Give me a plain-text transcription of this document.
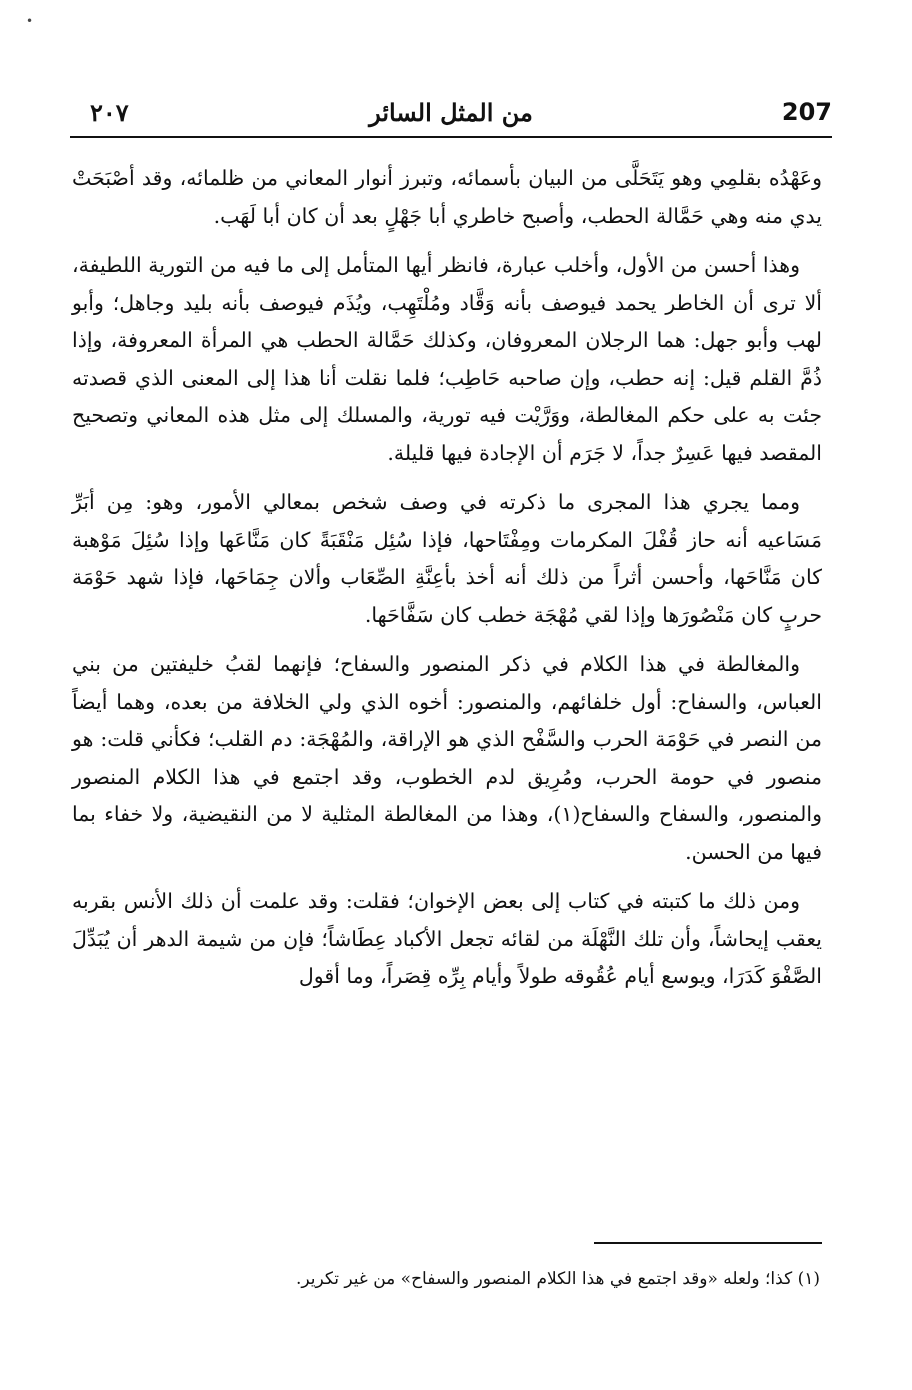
•
207
من المثل السائر
٢٠٧

وعَهْدُه بقلمِي وهو يَتَحَلَّى من البيان بأسمائه، وتبرز أنوار المعاني من ظلمائه، وقد أصْبَحَتْ يدي منه وهي حَمَّالة الحطب، وأصبح خاطري أبا جَهْلٍ بعد أن كان أبا لَهَب.

وهذا أحسن من الأول، وأخلب عبارة، فانظر أيها المتأمل إلى ما فيه من التورية اللطيفة، ألا ترى أن الخاطر يحمد فيوصف بأنه وَقَّاد ومُلْتَهِب، ويُذَم فيوصف بأنه بليد وجاهل؛ وأبو لهب وأبو جهل: هما الرجلان المعروفان، وكذلك حَمَّالة الحطب هي المرأة المعروفة، وإذا ذُمَّ القلم قيل: إنه حطب، وإن صاحبه حَاطِب؛ فلما نقلت أنا هذا إلى المعنى الذي قصدته جئت به على حكم المغالطة، ووَرَّيْت فيه تورية، والمسلك إلى مثل هذه المعاني وتصحيح المقصد فيها عَسِرٌ جداً، لا جَرَم أن الإجادة فيها قليلة.

ومما يجري هذا المجرى ما ذكرته في وصف شخص بمعالي الأمور، وهو: مِن أبَرِّ مَسَاعيه أنه حاز قُفْلَ المكرمات ومِفْتَاحها، فإذا سُئِل مَنْقَبَةً كان مَنَّاعَها وإذا سُئِلَ مَوْهبة كان مَنَّاحَها، وأحسن أثراً من ذلك أنه أخذ بأعِنَّةِ الصِّعَاب وألان جِمَاحَها، فإذا شهد حَوْمَة حربٍ كان مَنْصُورَها وإذا لقي مُهْجَة خطب كان سَفَّاحَها.

والمغالطة في هذا الكلام في ذكر المنصور والسفاح؛ فإنهما لقبُ خليفتين من بني العباس، والسفاح: أول خلفائهم، والمنصور: أخوه الذي ولي الخلافة من بعده، وهما أيضاً من النصر في حَوْمَة الحرب والسَّفْح الذي هو الإراقة، والمُهْجَة: دم القلب؛ فكأني قلت: هو منصور في حومة الحرب، ومُرِيق لدم الخطوب، وقد اجتمع في هذا الكلام المنصور والمنصور، والسفاح والسفاح(١)، وهذا من المغالطة المثلية لا من النقيضية، ولا خفاء بما فيها من الحسن.

ومن ذلك ما كتبته في كتاب إلى بعض الإخوان؛ فقلت: وقد علمت أن ذلك الأنس بقربه يعقب إيحاشاً، وأن تلك النَّهْلَة من لقائه تجعل الأكباد عِطَاشاً؛ فإن من شيمة الدهر أن يُبَدِّلَ الصَّفْوَ كَدَرَا، ويوسع أيام عُقُوقه طولاً وأيام بِرِّه قِصَراً، وما أقول

(١) كذا؛ ولعله «وقد اجتمع في هذا الكلام المنصور والسفاح» من غير تكرير.
